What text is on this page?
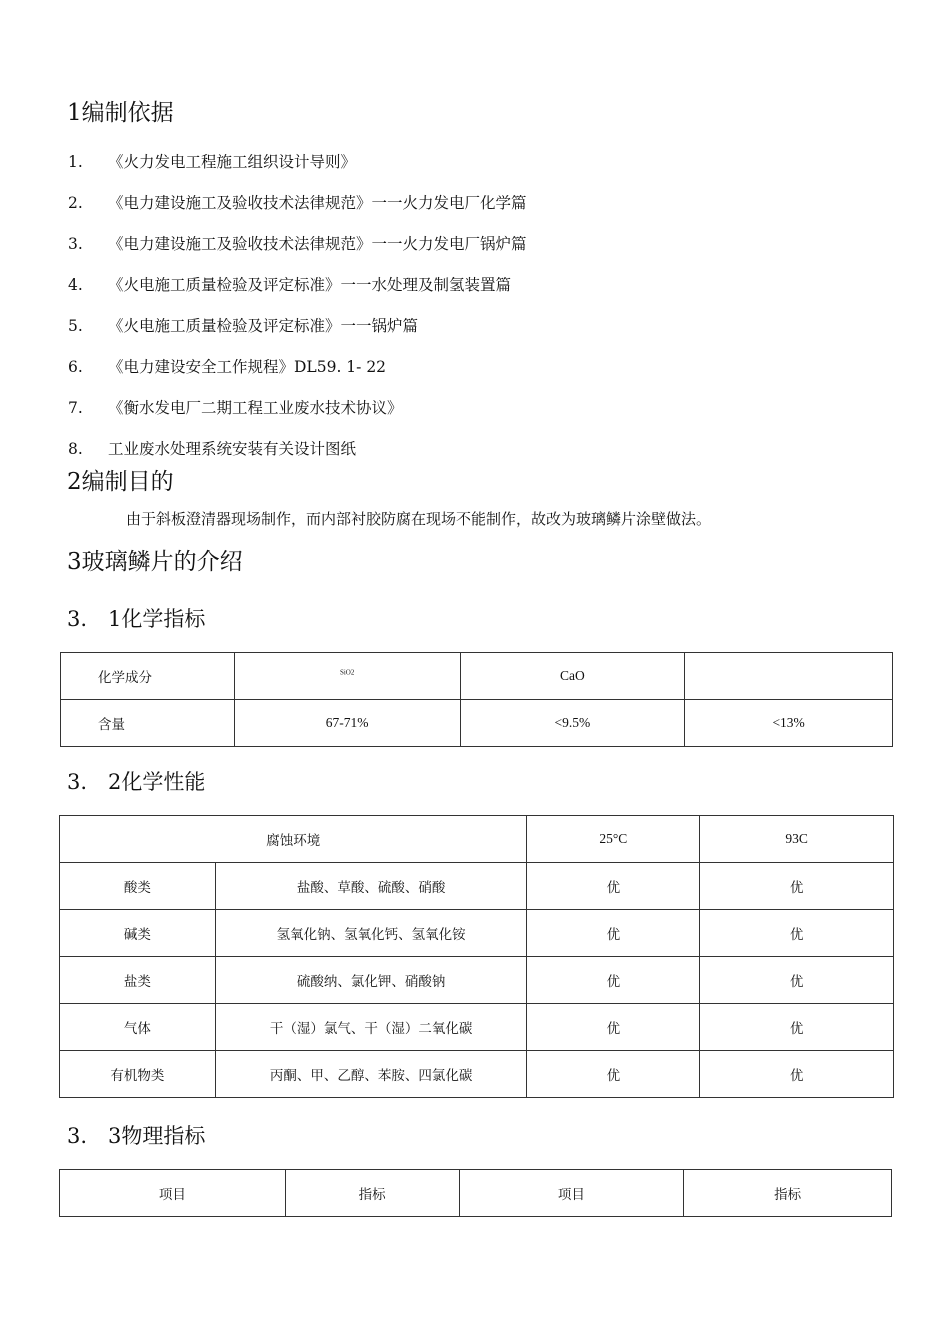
1编制依据
1. 《火力发电工程施工组织设计导则》
2. 《电力建设施工及验收技术法律规范》一一火力发电厂化学篇
3. 《电力建设施工及验收技术法律规范》一一火力发电厂锅炉篇
4. 《火电施工质量检验及评定标准》一一水处理及制氢装置篇
5. 《火电施工质量检验及评定标准》一一锅炉篇
6. 《电力建设安全工作规程》DL59. 1- 22
7. 《衡水发电厂二期工程工业废水技术协议》
8. 工业废水处理系统安装有关设计图纸
2编制目的
由于斜板澄清器现场制作，而内部衬胶防腐在现场不能制作，故改为玻璃鳞片涂壁做法。
3玻璃鳞片的介绍
3.　1化学指标
化学成分	$^{SiO2}$	CaO	
含量	67-71%	<9.5%	<13%
3.　2化学性能
腐蚀环境		25°C	93C
酸类	盐酸、草酸、硫酸、硝酸	优	优
碱类	氢氧化钠、氢氧化钙、氢氧化铵	优	优
盐类	硫酸纳、氯化钾、硝酸钠	优	优
气体	干（湿）氯气、干（湿）二氧化碳	优	优
有机物类	丙酮、甲、乙醇、苯胺、四氯化碳	优	优
3.　3物理指标
项目	指标	项目	指标
